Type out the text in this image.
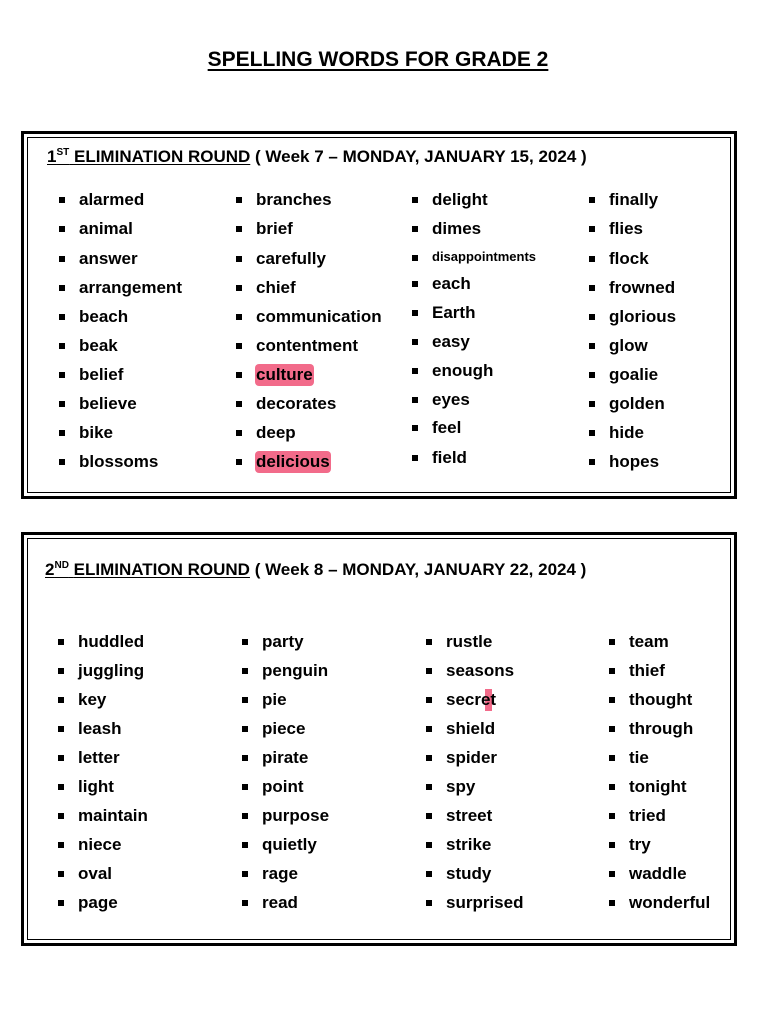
SPELLING WORDS FOR GRADE 2
1ST ELIMINATION ROUND ( Week 7 – MONDAY, JANUARY 15, 2024 )
2ND ELIMINATION ROUND ( Week 8 – MONDAY, JANUARY 22, 2024 )
alarmed
animal
answer
arrangement
beach
beak
belief
believe
bike
blossoms
branches
brief
carefully
chief
communication
contentment
culture
decorates
deep
delicious
delight
dimes
disappointments
each
Earth
easy
enough
eyes
feel
field
finally
flies
flock
frowned
glorious
glow
goalie
golden
hide
hopes
huddled
juggling
key
leash
letter
light
maintain
niece
oval
page
party
penguin
pie
piece
pirate
point
purpose
quietly
rage
read
rustle
seasons
secret
shield
spider
spy
street
strike
study
surprised
team
thief
thought
through
tie
tonight
tried
try
waddle
wonderful
